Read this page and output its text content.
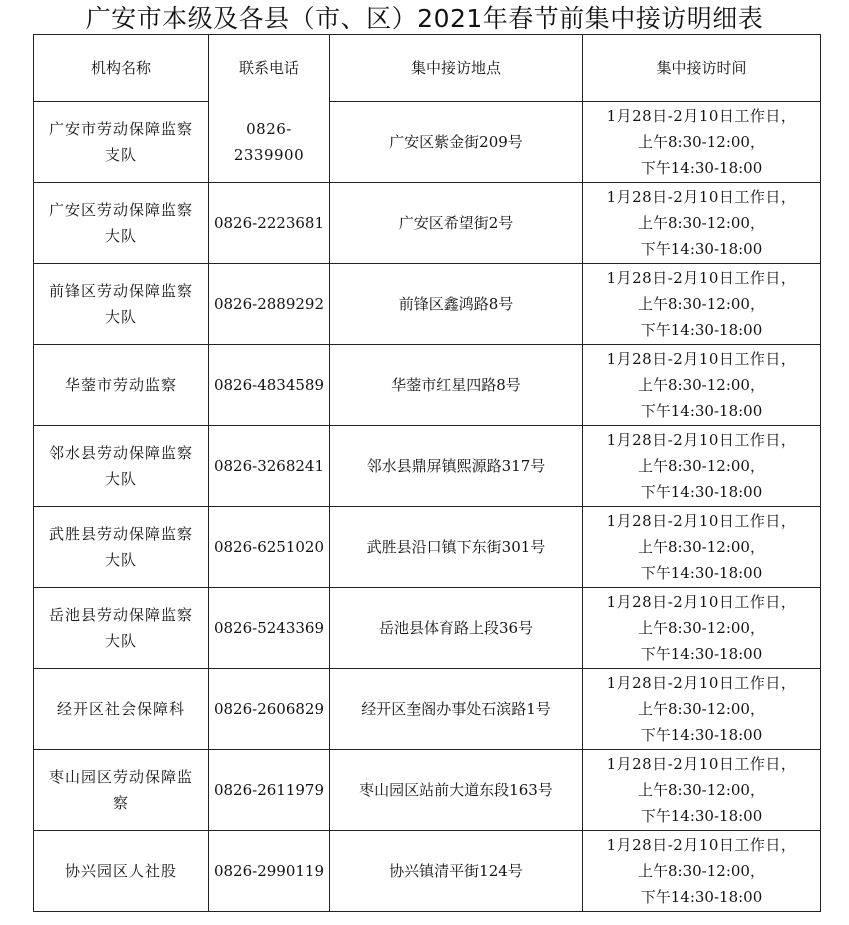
广安市本级及各县（市、区）2021年春节前集中接访明细表
机构名称	联系电话	集中接访地点	集中接访时间
广安市劳动保障监察支队	0826-2339900	广安区紫金街209号	1月28日-2月10日工作日，
上午8:30-12:00，
下午14:30-18:00

广安区劳动保障监察大队	0826-2223681	广安区希望街2号	1月28日-2月10日工作日，
上午8:30-12:00，
下午14:30-18:00

前锋区劳动保障监察大队	0826-2889292	前锋区鑫鸿路8号	1月28日-2月10日工作日，
上午8:30-12:00，
下午14:30-18:00

华蓥市劳动监察	0826-4834589	华蓥市红星四路8号	1月28日-2月10日工作日，
上午8:30-12:00，
下午14:30-18:00

邻水县劳动保障监察大队	0826-3268241	邻水县鼎屏镇熙源路317号	1月28日-2月10日工作日，
上午8:30-12:00，
下午14:30-18:00

武胜县劳动保障监察大队	0826-6251020	武胜县沿口镇下东街301号	1月28日-2月10日工作日，
上午8:30-12:00，
下午14:30-18:00

岳池县劳动保障监察大队	0826-5243369	岳池县体育路上段36号	1月28日-2月10日工作日，
上午8:30-12:00，
下午14:30-18:00

经开区社会保障科	0826-2606829	经开区奎阁办事处石滨路1号	1月28日-2月10日工作日，
上午8:30-12:00，
下午14:30-18:00

枣山园区劳动保障监察	0826-2611979	枣山园区站前大道东段163号	1月28日-2月10日工作日，
上午8:30-12:00，
下午14:30-18:00

协兴园区人社股	0826-2990119	协兴镇清平街124号	1月28日-2月10日工作日，
上午8:30-12:00，
下午14:30-18:00
